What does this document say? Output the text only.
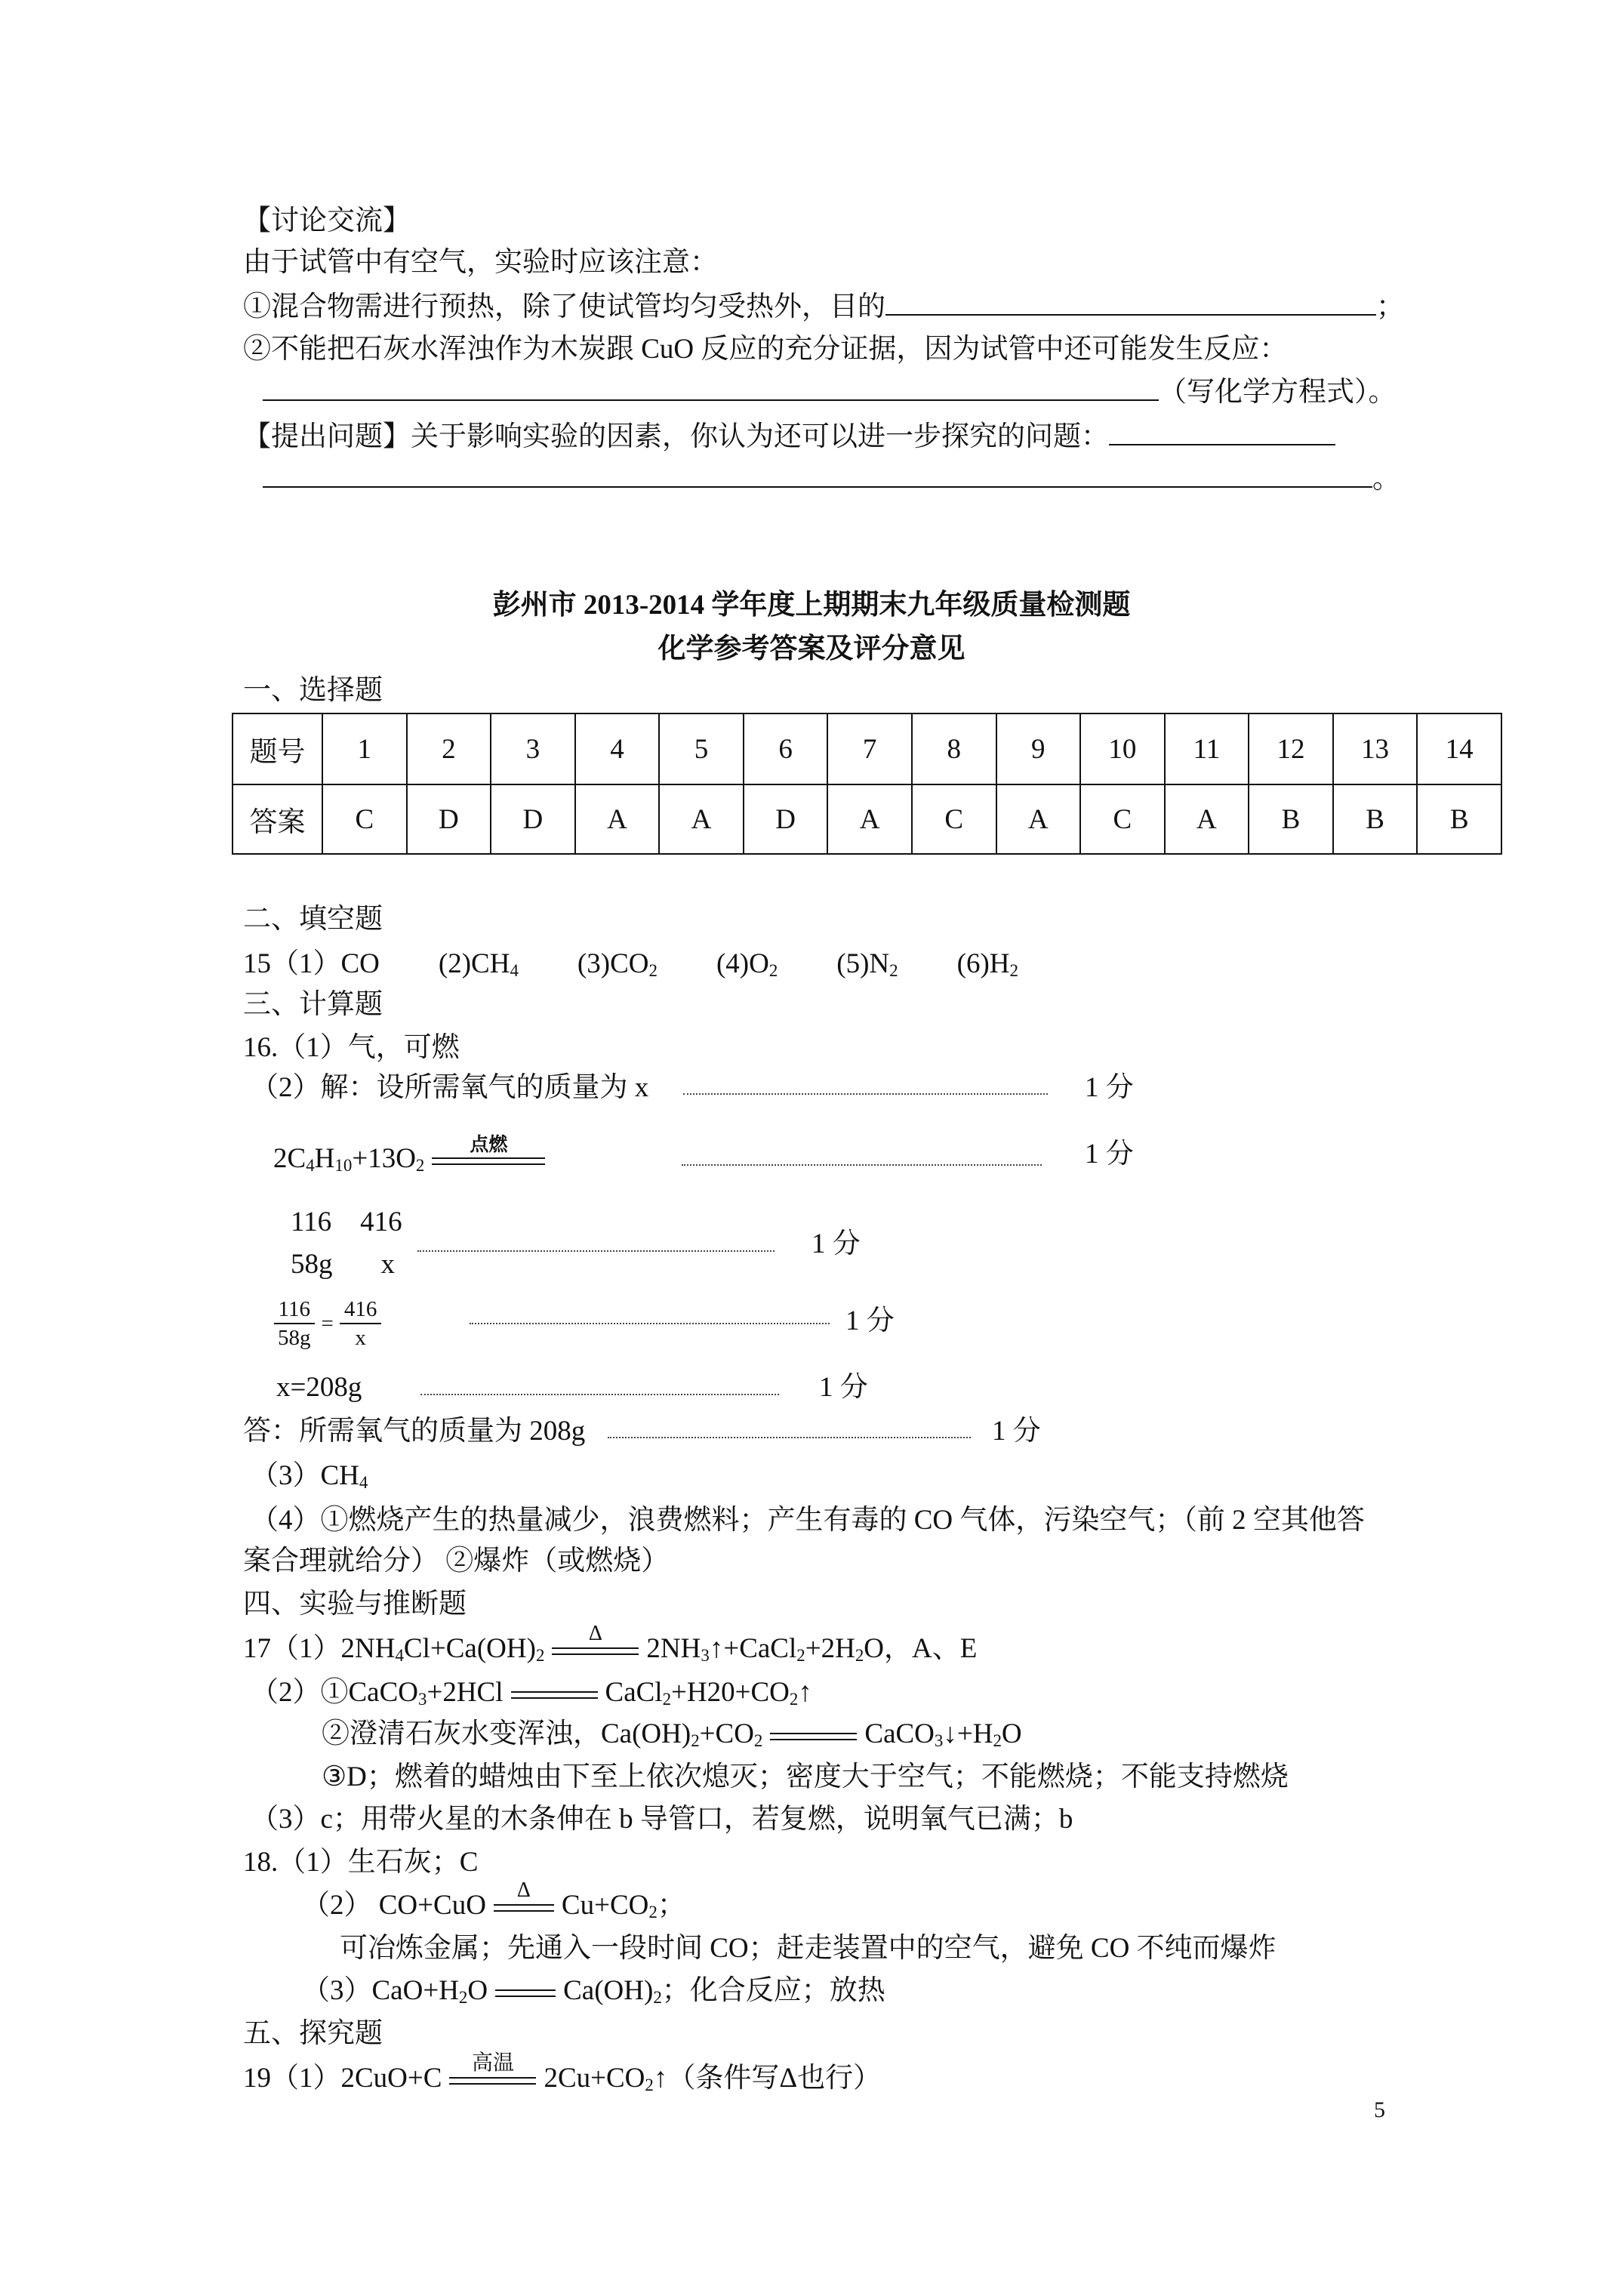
【讨论交流】
由于试管中有空气，实验时应该注意：
①混合物需进行预热，除了使试管均匀受热外，目的	；
②不能把石灰水浑浊作为木炭跟 CuO 反应的充分证据，因为试管中还可能发生反应：
（写化学方程式）。
【提出问题】关于影响实验的因素，你认为还可以进一步探究的问题：
。
彭州市 2013-2014 学年度上期期末九年级质量检测题
化学参考答案及评分意见
一、选择题
题号	1	2	3	4	5	6	7	8	9	10	11	12	13	14
答案	C	D	D	A	A	D	A	C	A	C	A	B	B	B
二、填空题
15（1）CO $(2)CH_4$ $(3)CO_2$ $(4)O_2$ $(5)N_2$ $(6)H_2$
三、计算题
16.（1）气，可燃
（2）解：设所需氧气的质量为 x	1 分
$2C_4H_{10}+13O_2$
点燃	1 分
116 416
58g x
1 分
$\frac{116}{58g} = \frac{416}{x}$	1 分
x=208g	1 分
答：所需氧气的质量为 208g	1 分
$(3)CH_4$
（4）①燃烧产生的热量减少，浪费燃料；产生有毒的 CO 气体，污染空气；（前 2 空其他答
案合理就给分） ②爆炸（或燃烧）
四、实验与推断题
$17(1)2NH_4Cl+Ca(OH)_2$
Δ	$2NH_3↑+CaCl_2+2H_2O$，A、E
（2）①CaCO$_3$+2HCl	$CaCl_2+H20+CO_2↑$
②澄清石灰水变浑浊，$Ca(OH)_2+CO_2$	$CaCO_3↓+H_2O$
③D；燃着的蜡烛由下至上依次熄灭；密度大于空气；不能燃烧；不能支持燃烧
（3）c；用带火星的木条伸在 b 导管口，若复燃，说明氧气已满；b
18.（1）生石灰；C
（2） CO+CuO	Δ	$Cu+CO_2$；
可冶炼金属；先通入一段时间 CO；赶走装置中的空气，避免 CO 不纯而爆炸
$(3)CaO+H_2O$	$Ca(OH)_2$；化合反应；放热
五、探究题
19（1）2CuO+C	高温	$2Cu+CO_2↑$（条件写Δ也行）
5
